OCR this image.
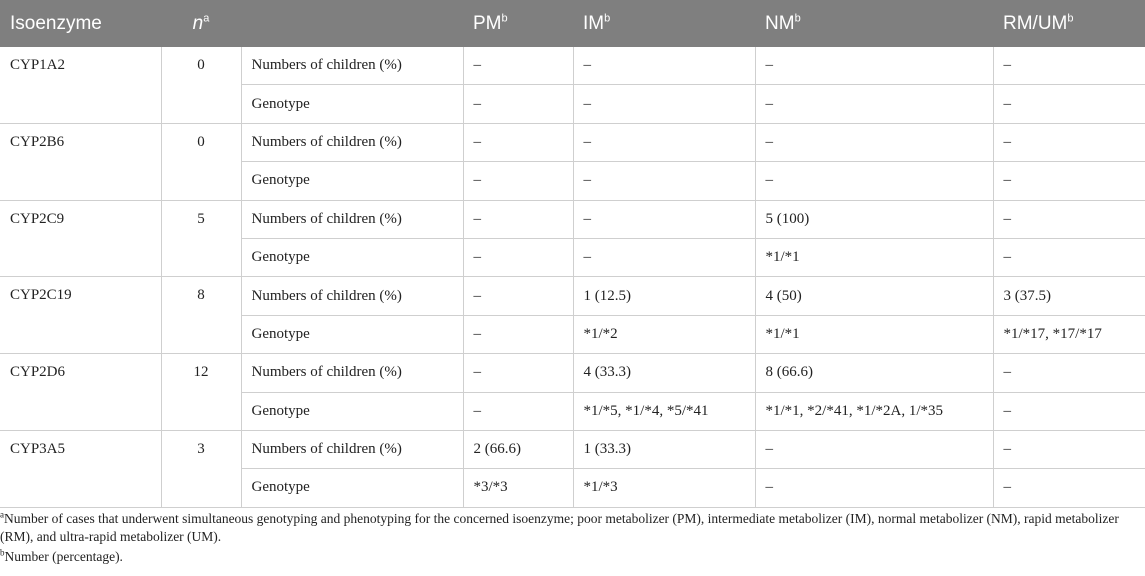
Isoenzyme	$n^a$		$PM^b$	$IM^b$	$NM^b$	$RM/UM^b$
CYP1A2	0	Numbers of children (%)	–	–	–	–
		Genotype	–	–	–	–
CYP2B6	0	Numbers of children (%)	–	–	–	–
		Genotype	–	–	–	–
CYP2C9	5	Numbers of children (%)	–	–	5 (100)	–
		Genotype	–	–	*1/*1	–
CYP2C19	8	Numbers of children (%)	–	1 (12.5)	4 (50)	3 (37.5)
		Genotype	–	*1/*2	*1/*1	*1/*17, *17/*17
CYP2D6	12	Numbers of children (%)	–	4 (33.3)	8 (66.6)	–
		Genotype	–	*1/*5, *1/*4, *5/*41	*1/*1, *2/*41, *1/*2A, 1/*35	–
CYP3A5	3	Numbers of children (%)	2 (66.6)	1 (33.3)	–	–
		Genotype	*3/*3	*1/*3	–	–

$^a$Number of cases that underwent simultaneous genotyping and phenotyping for the concerned isoenzyme; poor metabolizer (PM), intermediate metabolizer (IM), normal metabolizer (NM), rapid metabolizer (RM), and ultra-rapid metabolizer (UM).

$^b$Number (percentage).
